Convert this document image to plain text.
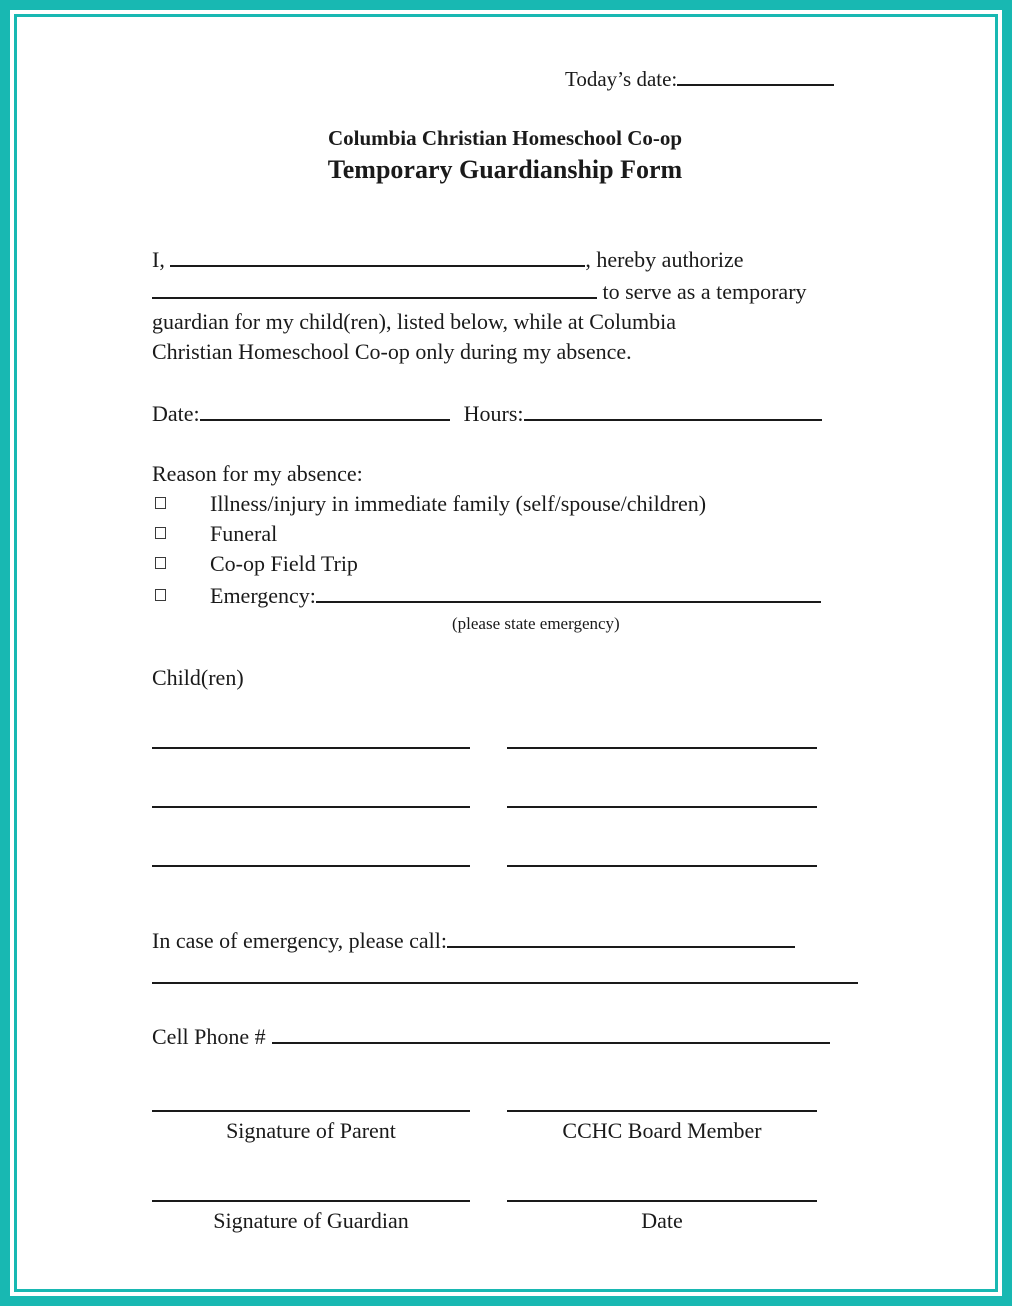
Today’s date:
Columbia Christian Homeschool Co-op
Temporary Guardianship Form
I,	, hereby authorize
to serve as a temporary
guardian for my child(ren), listed below, while at Columbia
Christian Homeschool Co-op only during my absence.
Date:	Hours:
Reason for my absence:
Illness/injury in immediate family (self/spouse/children)
Funeral
Co-op Field Trip
Emergency:
(please state emergency)
Child(ren)
In case of emergency, please call:
Cell Phone #
Signature of Parent	CCHC Board Member
Signature of Guardian	Date
